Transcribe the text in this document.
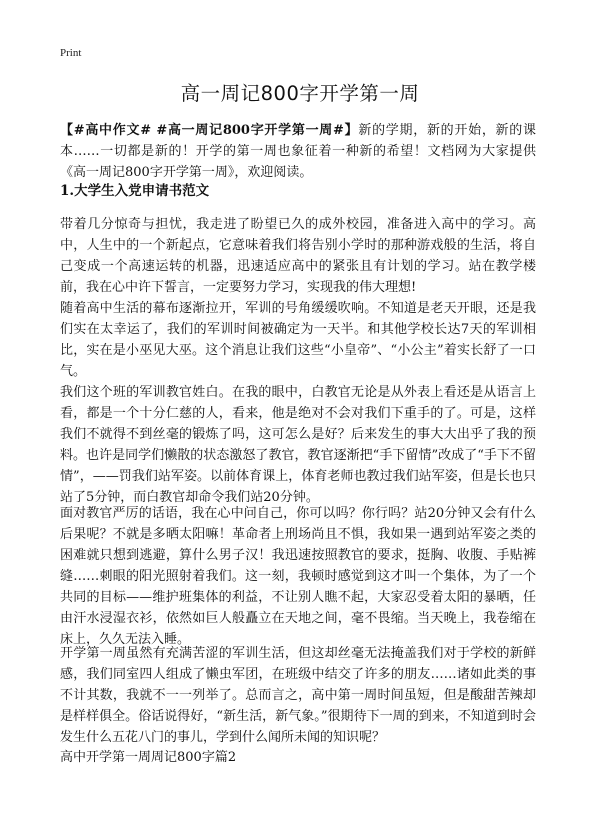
Print
高一周记800字开学第一周

【#高中作文# #高一周记800字开学第一周#】新的学期，新的开始，新的课本……一切都是新的！开学的第一周也象征着一种新的希望！文档网为大家提供《高一周记800字开学第一周》，欢迎阅读。

1.大学生入党申请书范文

带着几分惊奇与担忧，我走进了盼望已久的成外校园，准备进入高中的学习。高中，人生中的一个新起点，它意味着我们将告别小学时的那种游戏般的生活，将自己变成一个高速运转的机器，迅速适应高中的紧张且有计划的学习。站在教学楼前，我在心中许下誓言，一定要努力学习，实现我的伟大理想!

随着高中生活的幕布逐渐拉开，军训的号角缓缓吹响。不知道是老天开眼，还是我们实在太幸运了，我们的军训时间被确定为一天半。和其他学校长达7天的军训相比，实在是小巫见大巫。这个消息让我们这些“小皇帝”、“小公主”着实长舒了一口气。

我们这个班的军训教官姓白。在我的眼中，白教官无论是从外表上看还是从语言上看，都是一个十分仁慈的人，看来，他是绝对不会对我们下重手的了。可是，这样我们不就得不到丝毫的锻炼了吗，这可怎么是好？后来发生的事大大出乎了我的预料。也许是同学们懒散的状态激怒了教官，教官逐渐把“手下留情”改成了“手下不留情”，——罚我们站军姿。以前体育课上，体育老师也教过我们站军姿，但是长也只站了5分钟，而白教官却命令我们站20分钟。

面对教官严厉的话语，我在心中问自己，你可以吗？你行吗？站20分钟又会有什么后果呢？不就是多晒太阳嘛！革命者上刑场尚且不惧，我如果一遇到站军姿之类的困难就只想到逃避，算什么男子汉！我迅速按照教官的要求，挺胸、收腹、手贴裤缝……刺眼的阳光照射着我们。这一刻，我顿时感觉到这才叫一个集体，为了一个共同的目标——维护班集体的利益，不让别人瞧不起，大家忍受着太阳的暴晒，任由汗水浸湿衣衫，依然如巨人般矗立在天地之间，毫不畏缩。当天晚上，我卷缩在床上，久久无法入睡。

开学第一周虽然有充满苦涩的军训生活，但这却丝毫无法掩盖我们对于学校的新鲜感，我们同室四人组成了懒虫军团，在班级中结交了许多的朋友……诸如此类的事不计其数，我就不一一列举了。总而言之，高中第一周时间虽短，但是酸甜苦辣却是样样俱全。俗话说得好，“新生活，新气象。”很期待下一周的到来，不知道到时会发生什么五花八门的事儿，学到什么闻所未闻的知识呢？

高中开学第一周周记800字篇2
